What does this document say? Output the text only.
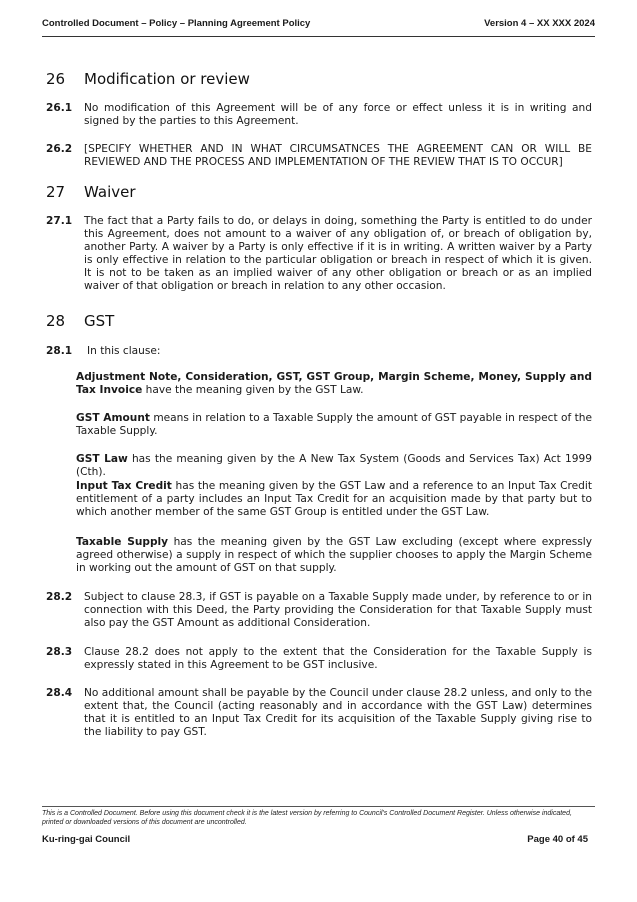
Controlled Document – Policy – Planning Agreement Policy	Version 4 – XX XXX 2024
26 Modification or review
26.1 No modification of this Agreement will be of any force or effect unless it is in writing and signed by the parties to this Agreement.
26.2 [SPECIFY WHETHER AND IN WHAT CIRCUMSATNCES THE AGREEMENT CAN OR WILL BE REVIEWED AND THE PROCESS AND IMPLEMENTATION OF THE REVIEW THAT IS TO OCCUR]
27 Waiver
27.1 The fact that a Party fails to do, or delays in doing, something the Party is entitled to do under this Agreement, does not amount to a waiver of any obligation of, or breach of obligation by, another Party. A waiver by a Party is only effective if it is in writing. A written waiver by a Party is only effective in relation to the particular obligation or breach in respect of which it is given. It is not to be taken as an implied waiver of any other obligation or breach or as an implied waiver of that obligation or breach in relation to any other occasion.
28 GST
28.1 In this clause:
Adjustment Note, Consideration, GST, GST Group, Margin Scheme, Money, Supply and Tax Invoice have the meaning given by the GST Law.
GST Amount means in relation to a Taxable Supply the amount of GST payable in respect of the Taxable Supply.
GST Law has the meaning given by the A New Tax System (Goods and Services Tax) Act 1999 (Cth).
Input Tax Credit has the meaning given by the GST Law and a reference to an Input Tax Credit entitlement of a party includes an Input Tax Credit for an acquisition made by that party but to which another member of the same GST Group is entitled under the GST Law.
Taxable Supply has the meaning given by the GST Law excluding (except where expressly agreed otherwise) a supply in respect of which the supplier chooses to apply the Margin Scheme in working out the amount of GST on that supply.
28.2 Subject to clause 28.3, if GST is payable on a Taxable Supply made under, by reference to or in connection with this Deed, the Party providing the Consideration for that Taxable Supply must also pay the GST Amount as additional Consideration.
28.3 Clause 28.2 does not apply to the extent that the Consideration for the Taxable Supply is expressly stated in this Agreement to be GST inclusive.
28.4 No additional amount shall be payable by the Council under clause 28.2 unless, and only to the extent that, the Council (acting reasonably and in accordance with the GST Law) determines that it is entitled to an Input Tax Credit for its acquisition of the Taxable Supply giving rise to the liability to pay GST.
This is a Controlled Document. Before using this document check it is the latest version by referring to Council’s Controlled Document Register. Unless otherwise indicated, printed or downloaded versions of this document are uncontrolled.
Ku-ring-gai Council	Page 40 of 45
